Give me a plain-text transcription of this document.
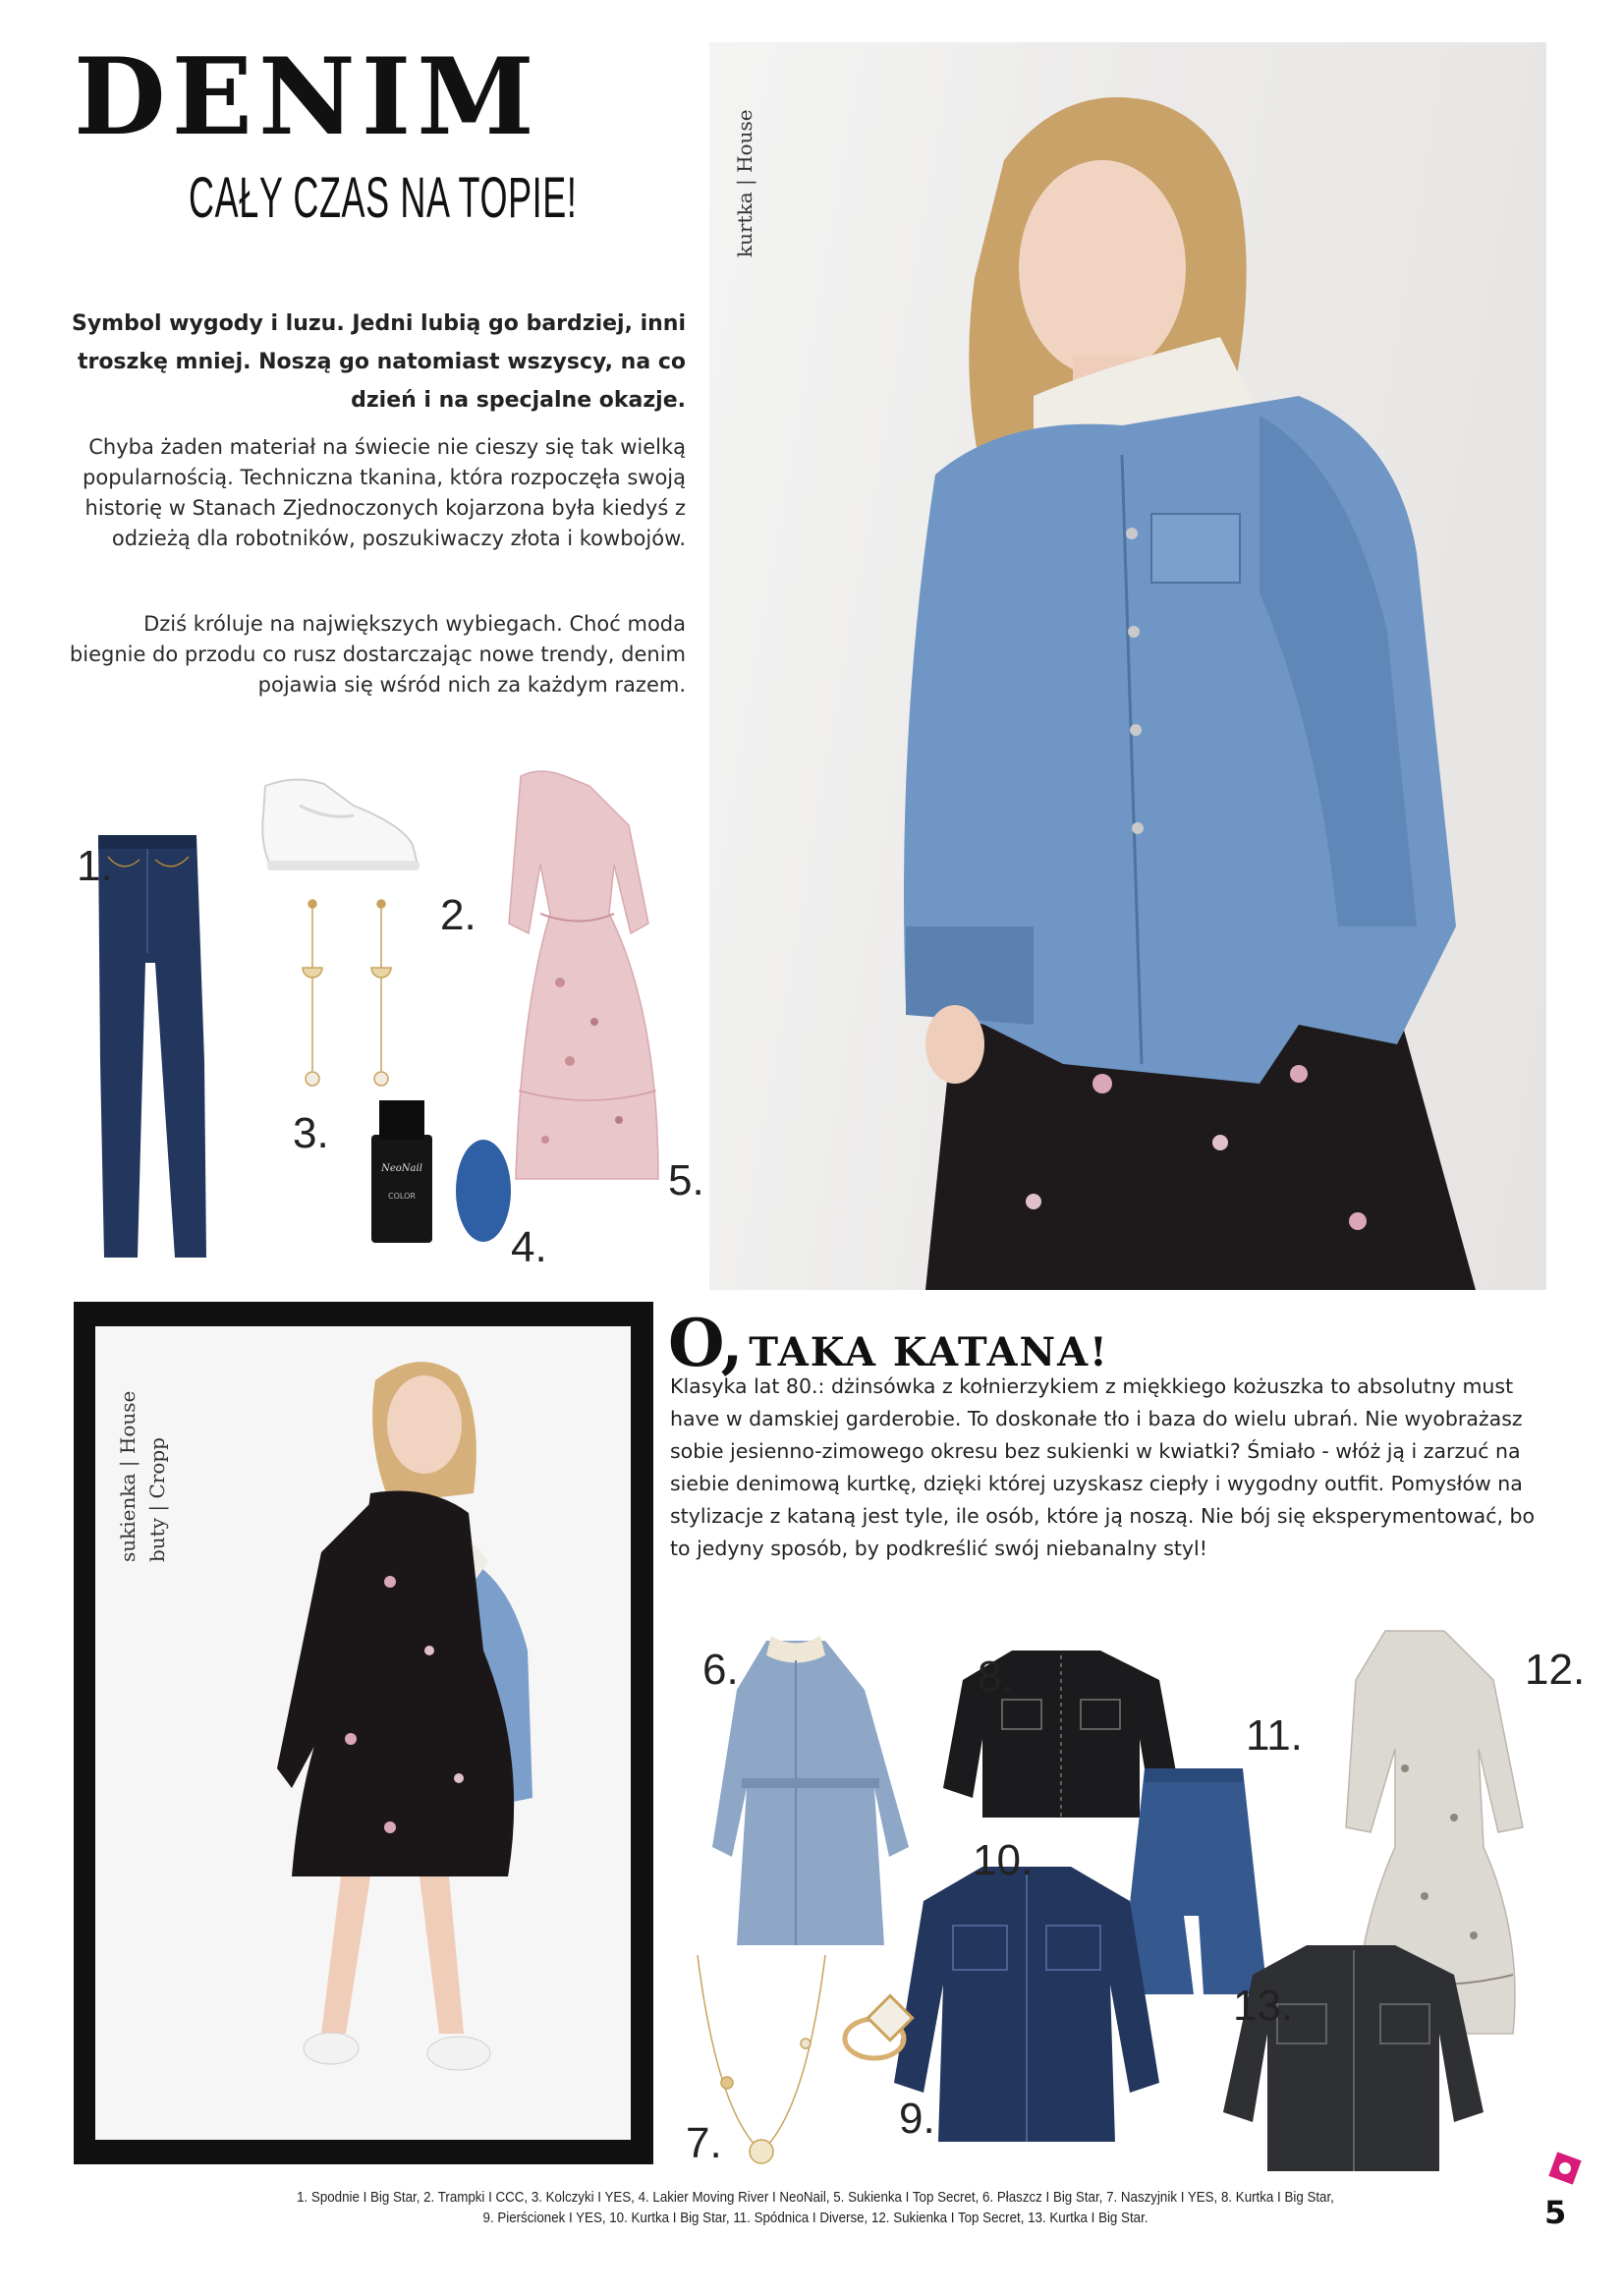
DENIM
CAŁY CZAS NA TOPIE!
Symbol wygody i luzu. Jedni lubią go bardziej, inni troszkę mniej. Noszą go natomiast wszyscy, na co dzień i na specjalne okazje.
Chyba żaden materiał na świecie nie cieszy się tak wielką popularnością. Techniczna tkanina, która rozpoczęła swoją historię w Stanach Zjednoczonych kojarzona była kiedyś z odzieżą dla robotników, poszukiwaczy złota i kowbojów.
Dziś króluje na największych wybiegach. Choć moda biegnie do przodu co rusz dostarczając nowe trendy, denim pojawia się wśród nich za każdym razem.
NeoNail
COLOR
1.
2.
3.
4.
5.
kurtka | House
sukienka | House buty | Cropp
O, TAKA KATANA!
Klasyka lat 80.: dżinsówka z kołnierzykiem z miękkiego kożuszka to absolutny must have w damskiej garderobie. To doskonałe tło i baza do wielu ubrań. Nie wyobrażasz sobie jesienno-zimowego okresu bez sukienki w kwiatki? Śmiało - włóż ją i zarzuć na siebie denimową kurtkę, dzięki której uzyskasz ciepły i wygodny outfit. Pomysłów na stylizacje z kataną jest tyle, ile osób, które ją noszą. Nie bój się eksperymentować, bo to jedyny sposób, by podkreślić swój niebanalny styl!
6.
7.
8.
9.
10.
11.
12.
13.
1. Spodnie I Big Star, 2. Trampki I CCC, 3. Kolczyki I YES, 4. Lakier Moving River I NeoNail, 5. Sukienka I Top Secret, 6. Płaszcz I Big Star, 7. Naszyjnik I YES, 8. Kurtka I Big Star,
9. Pierścionek I YES, 10. Kurtka I Big Star, 11. Spódnica I Diverse, 12. Sukienka I Top Secret, 13. Kurtka I Big Star.	5
